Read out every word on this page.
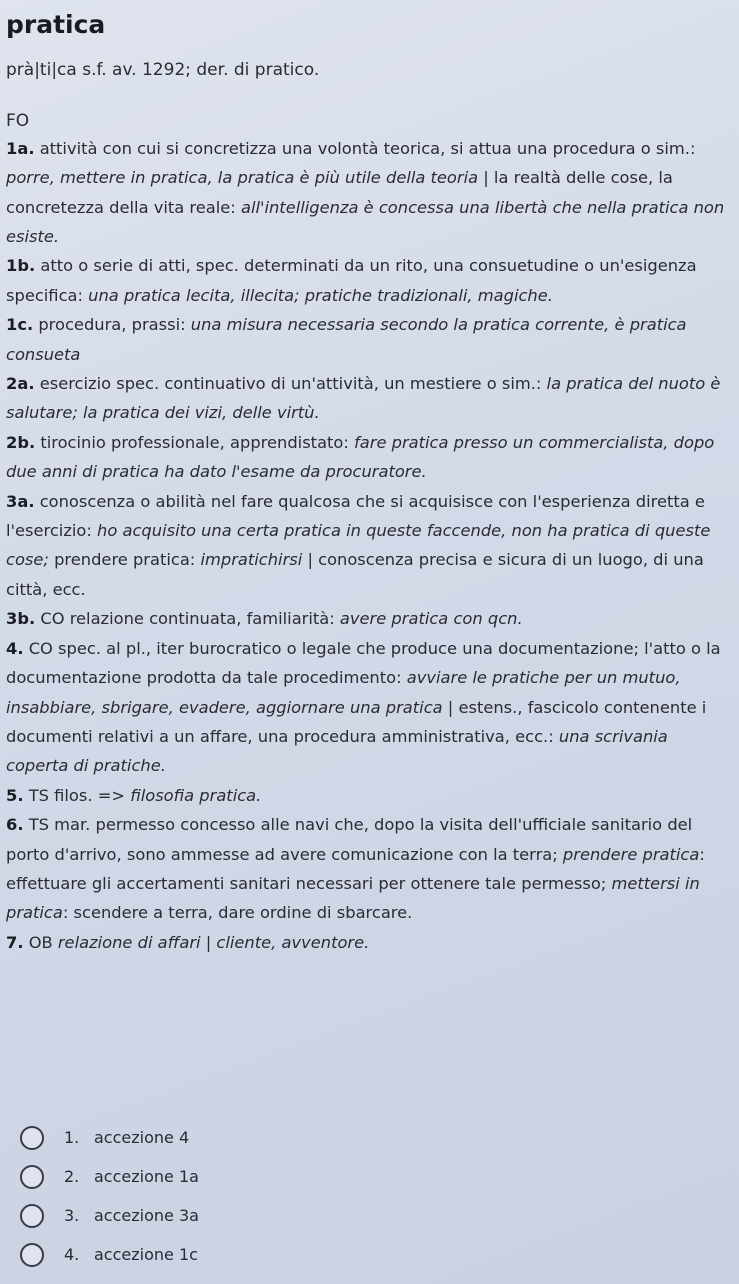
pratica
prà|ti|ca s.f. av. 1292; der. di pratico.
FO

1a. attività con cui si concretizza una volontà teorica, si attua una procedura o sim.: porre, mettere in pratica, la pratica è più utile della teoria | la realtà delle cose, la concretezza della vita reale: all'intelligenza è concessa una libertà che nella pratica non esiste.

1b. atto o serie di atti, spec. determinati da un rito, una consuetudine o un'esigenza specifica: una pratica lecita, illecita; pratiche tradizionali, magiche.

1c. procedura, prassi: una misura necessaria secondo la pratica corrente, è pratica consueta

2a. esercizio spec. continuativo di un'attività, un mestiere o sim.: la pratica del nuoto è salutare; la pratica dei vizi, delle virtù.

2b. tirocinio professionale, apprendistato: fare pratica presso un commercialista, dopo due anni di pratica ha dato l'esame da procuratore.

3a. conoscenza o abilità nel fare qualcosa che si acquisisce con l'esperienza diretta e l'esercizio: ho acquisito una certa pratica in queste faccende, non ha pratica di queste cose; prendere pratica: impratichirsi | conoscenza precisa e sicura di un luogo, di una città, ecc.

3b. CO relazione continuata, familiarità: avere pratica con qcn.

4. CO spec. al pl., iter burocratico o legale che produce una documentazione; l'atto o la documentazione prodotta da tale procedimento: avviare le pratiche per un mutuo, insabbiare, sbrigare, evadere, aggiornare una pratica | estens., fascicolo contenente i documenti relativi a un affare, una procedura amministrativa, ecc.: una scrivania coperta di pratiche.

5. TS filos. => filosofia pratica.

6. TS mar. permesso concesso alle navi che, dopo la visita dell'ufficiale sanitario del porto d'arrivo, sono ammesse ad avere comunicazione con la terra; prendere pratica: effettuare gli accertamenti sanitari necessari per ottenere tale permesso; mettersi in pratica: scendere a terra, dare ordine di sbarcare.

7. OB relazione di affari | cliente, avventore.

1. accezione 4
2. accezione 1a
3. accezione 3a
4. accezione 1c
